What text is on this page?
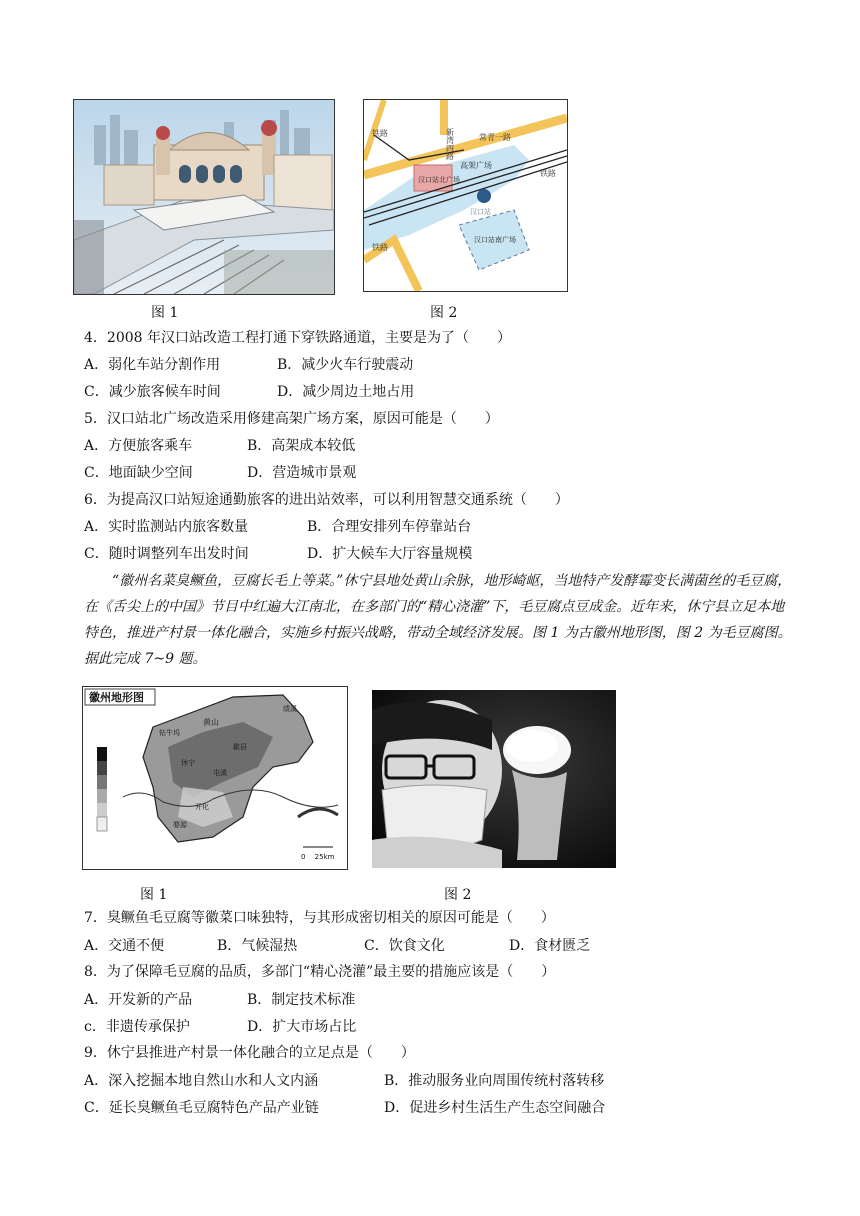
汉口站
铁路	新湾四路	常青一路
高架广场
汉口站北广场
铁路
铁路
汉口站南广场
图 1	图 2
4．2008 年汉口站改造工程打通下穿铁路通道，主要是为了（　　）
A．弱化车站分割作用	B．减少火车行驶震动
C．减少旅客候车时间	D．减少周边土地占用
5．汉口站北广场改造采用修建高架广场方案，原因可能是（　　）
A．方便旅客乘车	B．高架成本较低
C．地面缺少空间	D．营造城市景观
6．为提高汉口站短途通勤旅客的进出站效率，可以利用智慧交通系统（　　）
A．实时监测站内旅客数量	B．合理安排列车停靠站台
C．随时调整列车出发时间	D．扩大候车大厅容量规模
“徽州名菜臭鳜鱼，豆腐长毛上等菜。”休宁县地处黄山余脉，地形崎岖，当地特产发酵霉变长满菌丝的毛豆腐，在《舌尖上的中国》节目中红遍大江南北，在多部门的“精心浇灌”下，毛豆腐点豆成金。近年来，休宁县立足本地特色，推进产村景一体化融合，实施乡村振兴战略，带动全域经济发展。图 1 为古徽州地形图，图 2 为毛豆腐图。据此完成 7~9 题。
徽州地形图
黄山
钻牛坞
歙县
休宁
屯溪
开化
婺源
绩溪
0　 25km
图 1	图 2
7．臭鳜鱼毛豆腐等徽菜口味独特，与其形成密切相关的原因可能是（　　）
A．交通不便	B．气候湿热	C．饮食文化	D．食材匮乏
8．为了保障毛豆腐的品质，多部门“精心浇灌”最主要的措施应该是（　　）
A．开发新的产品	B．制定技术标准
c．非遗传承保护	D．扩大市场占比
9．休宁县推进产村景一体化融合的立足点是（　　）
A．深入挖掘本地自然山水和人文内涵	B．推动服务业向周围传统村落转移
C．延长臭鳜鱼毛豆腐特色产品产业链	D．促进乡村生活生产生态空间融合
